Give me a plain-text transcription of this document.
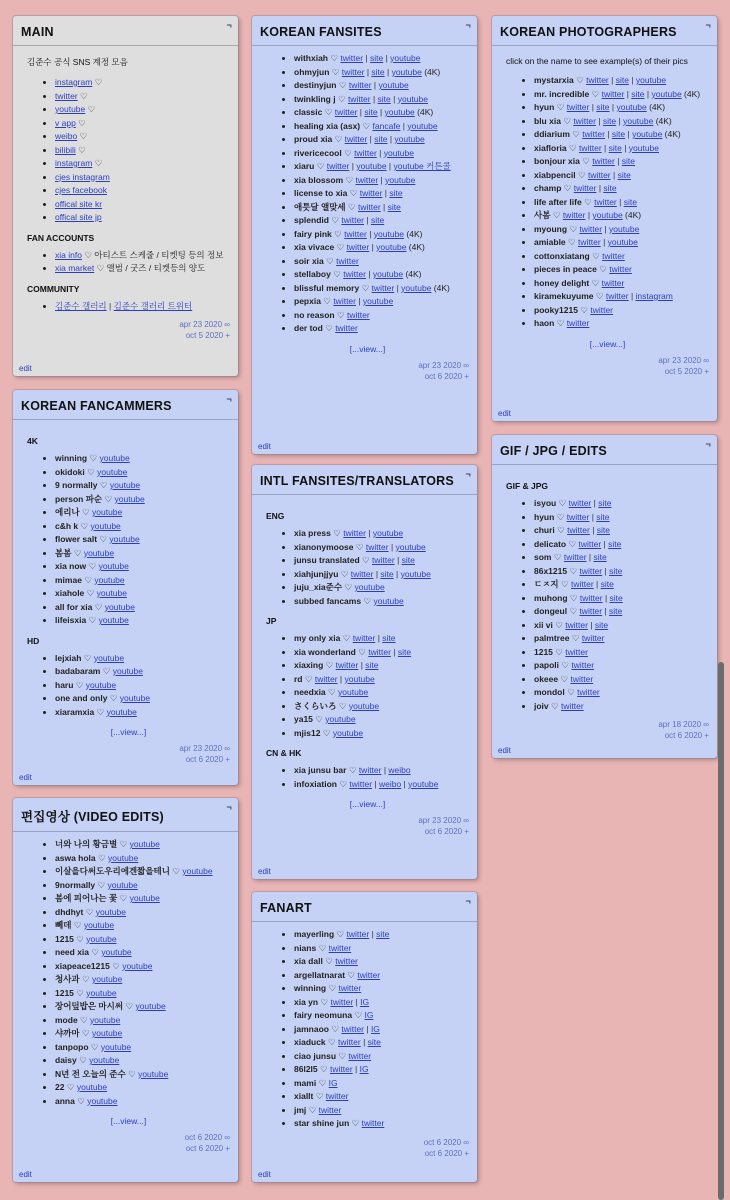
MAIN	¬
김준수 공식 SNS 계정 모음
• instagram ♡
• twitter ♡
• youtube ♡
• v app ♡
• weibo ♡
• bilibili ♡
• instagram ♡
• cjes instagram
• cjes facebook
• offical site kr
• offical site jp
FAN ACCOUNTS
• xia info ♡ 아티스트 스케줄 / 티켓팅 등의 정보
• xia market ♡ 앨범 / 굿즈 / 티켓등의 양도
COMMUNITY
• 김준수 갤러리 | 김준수 갤러리 트위터
apr 23 2020 ∞
oct 5 2020 +
edit
KOREAN FANCAMMERS	¬
4K
• winning ♡ youtube
• okidoki ♡ youtube
• 9 normally ♡ youtube
• person 파순 ♡ youtube
• 에리나 ♡ youtube
• c&h k ♡ youtube
• flower salt ♡ youtube
• 봄봄 ♡ youtube
• xia now ♡ youtube
• mimae ♡ youtube
• xiahole ♡ youtube
• all for xia ♡ youtube
• lifeisxia ♡ youtube
HD
• lejxiah ♡ youtube
• badabaram ♡ youtube
• haru ♡ youtube
• one and only ♡ youtube
• xiaramxia ♡ youtube
[...view...]
apr 23 2020 ∞
oct 6 2020 +
edit
편집영상 (VIDEO EDITS)
¬
• 너와 나의 황금별 ♡ youtube
• aswa hola ♡ youtube
• 이살을다써도우리에겐짧을테니 ♡ youtube
• 9normally ♡ youtube
• 봄에 피어나는 꽃 ♡ youtube
• dhdhyt ♡ youtube
• 뻬데 ♡ youtube
• 1215 ♡ youtube
• need xia ♡ youtube
• xiapeace1215 ♡ youtube
• 청사과 ♡ youtube
• 1215 ♡ youtube
• 장어덮밥은 마시써 ♡ youtube
• mode ♡ youtube
• 샤까마 ♡ youtube
• tanpopo ♡ youtube
• daisy ♡ youtube
• N년 전 오늘의 준수 ♡ youtube
• 22 ♡ youtube
• anna ♡ youtube
[...view...]
oct 6 2020 ∞
oct 6 2020 +
edit
KOREAN FANSITES	¬
• withxiah ♡ twitter | site | youtube
• ohmyjun ♡ twitter | site | youtube (4K)
• destinyjun ♡ twitter | youtube
• twinkling j ♡ twitter | site | youtube
• classic ♡ twitter | site | youtube (4K)
• healing xia (asx) ♡ fancafe | youtube
• proud xia ♡ twitter | site | youtube
• rivericecool ♡ twitter | youtube
• xiaru ♡ twitter | youtube | youtube 커튼콜
• xia blossom ♡ twitter | youtube
• license to xia ♡ twitter | site
• 애틋달 앨맞세 ♡ twitter | site
• splendid ♡ twitter | site
• fairy pink ♡ twitter | youtube (4K)
• xia vivace ♡ twitter | youtube (4K)
• soir xia ♡ twitter
• stellaboy ♡ twitter | youtube (4K)
• blissful memory ♡ twitter | youtube (4K)
• pepxia ♡ twitter | youtube
• no reason ♡ twitter
• der tod ♡ twitter
[...view...]
apr 23 2020 ∞
oct 6 2020 +
edit
INTL FANSITES/TRANSLATORS ¬
ENG
• xia press ♡ twitter | youtube
• xianonymoose ♡ twitter | youtube
• junsu translated ♡ twitter | site
• xiahjunjjyu ♡ twitter | site | youtube
• juju_xia준수 ♡ youtube
• subbed fancams ♡ youtube
JP
• my only xia ♡ twitter | site
• xia wonderland ♡ twitter | site
• xiaxing ♡ twitter | site
• rd ♡ twitter | youtube
• needxia ♡ youtube
• さくらいろ ♡ youtube
• ya15 ♡ youtube
• mjis12 ♡ youtube
CN & HK
• xia junsu bar ♡ twitter | weibo
• infoxiation ♡ twitter | weibo | youtube
[...view...]
apr 23 2020 ∞
oct 6 2020 +
edit
FANART	¬
• mayerling ♡ twitter | site
• nians ♡ twitter
• xia dall ♡ twitter
• argellatnarat ♡ twitter
• winning ♡ twitter
• xia yn ♡ twitter | IG
• fairy neomuna ♡ IG
• jamnaoo ♡ twitter | IG
• xiaduck ♡ twitter | site
• ciao junsu ♡ twitter
• 86l2l5 ♡ twitter | IG
• mami ♡ IG
• xiallt ♡ twitter
• jmj ♡ twitter
• star shine jun ♡ twitter
oct 6 2020 ∞
oct 6 2020 +
edit
KOREAN PHOTOGRAPHERS	¬
click on the name to see example(s) of their pics
• mystarxia ♡ twitter | site | youtube
• mr. incredible ♡ twitter | site | youtube (4K)
• hyun ♡ twitter | site | youtube (4K)
• blu xia ♡ twitter | site | youtube (4K)
• ddiarium ♡ twitter | site | youtube (4K)
• xiafloria ♡ twitter | site | youtube
• bonjour xia ♡ twitter | site
• xiabpencil ♡ twitter | site
• champ ♡ twitter | site
• life after life ♡ twitter | site
• 사봄 ♡ twitter | youtube (4K)
• myoung ♡ twitter | youtube
• amiable ♡ twitter | youtube
• cottonxiatang ♡ twitter
• pieces in peace ♡ twitter
• honey delight ♡ twitter
• kiramekuyume ♡ twitter | instagram
• pooky1215 ♡ twitter
• haon ♡ twitter
[...view...]
apr 23 2020 ∞
oct 5 2020 +
edit
GIF / JPG / EDITS	¬
GIF & JPG
• isyou ♡ twitter | site
• hyun ♡ twitter | site
• churi ♡ twitter | site
• delicato ♡ twitter | site
• som ♡ twitter | site
• 86x1215 ♡ twitter | site
• ㄷㅈ지 ♡ twitter | site
• muhong ♡ twitter | site
• dongeul ♡ twitter | site
• xii vi ♡ twitter | site
• palmtree ♡ twitter
• 1215 ♡ twitter
• papoli ♡ twitter
• okeee ♡ twitter
• mondol ♡ twitter
• joiv ♡ twitter
apr 18 2020 ∞
oct 6 2020 +
edit
